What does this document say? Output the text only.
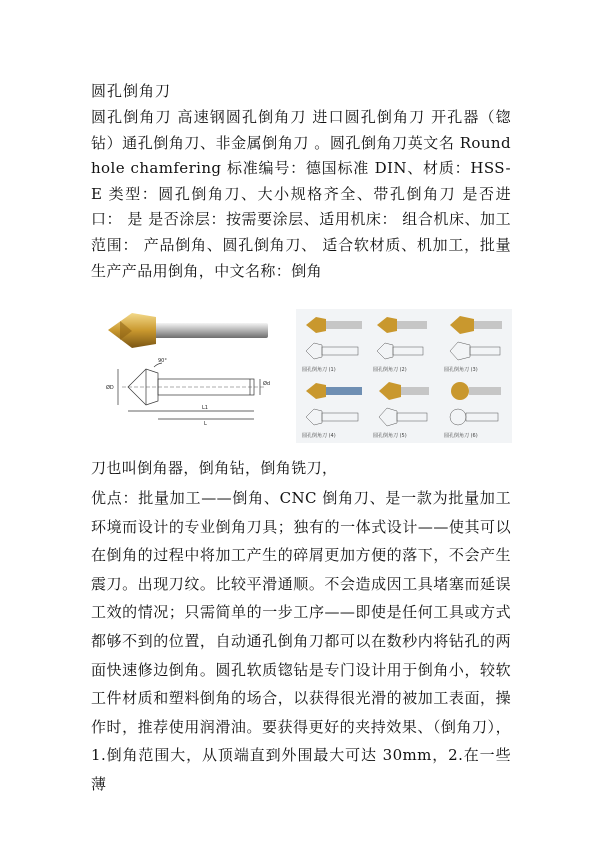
圆孔倒角刀
圆孔倒角刀 高速钢圆孔倒角刀 进口圆孔倒角刀 开孔器（锪钻）通孔倒角刀、非金属倒角刀 。圆孔倒角刀英文名 Round hole chamfering 标准编号：德国标准 DIN、材质：HSS-E 类型：圆孔倒角刀、大小规格齐全、带孔倒角刀 是否进口： 是 是否涂层：按需要涂层、适用机床： 组合机床、加工范围： 产品倒角、圆孔倒角刀、 适合软材质、机加工，批量生产产品用倒角，中文名称：倒角
90°
ØD
Ød
L1
L
圆孔倒角刀 (1)	圆孔倒角刀 (2)	圆孔倒角刀 (3)
圆孔倒角刀 (4)	圆孔倒角刀 (5)	圆孔倒角刀 (6)
刀也叫倒角器，倒角钻，倒角铣刀，
优点：批量加工——倒角、CNC 倒角刀、是一款为批量加工环境而设计的专业倒角刀具；独有的一体式设计——使其可以在倒角的过程中将加工产生的碎屑更加方便的落下，不会产生震刀。出现刀纹。比较平滑通顺。不会造成因工具堵塞而延误工效的情况；只需简单的一步工序——即使是任何工具或方式都够不到的位置，自动通孔倒角刀都可以在数秒内将钻孔的两面快速修边倒角。圆孔软质锪钻是专门设计用于倒角小，较软工件材质和塑料倒角的场合，以获得很光滑的被加工表面，操作时，推荐使用润滑油。要获得更好的夹持效果、（倒角刀），1.倒角范围大，从顶端直到外围最大可达 30mm，2.在一些薄
